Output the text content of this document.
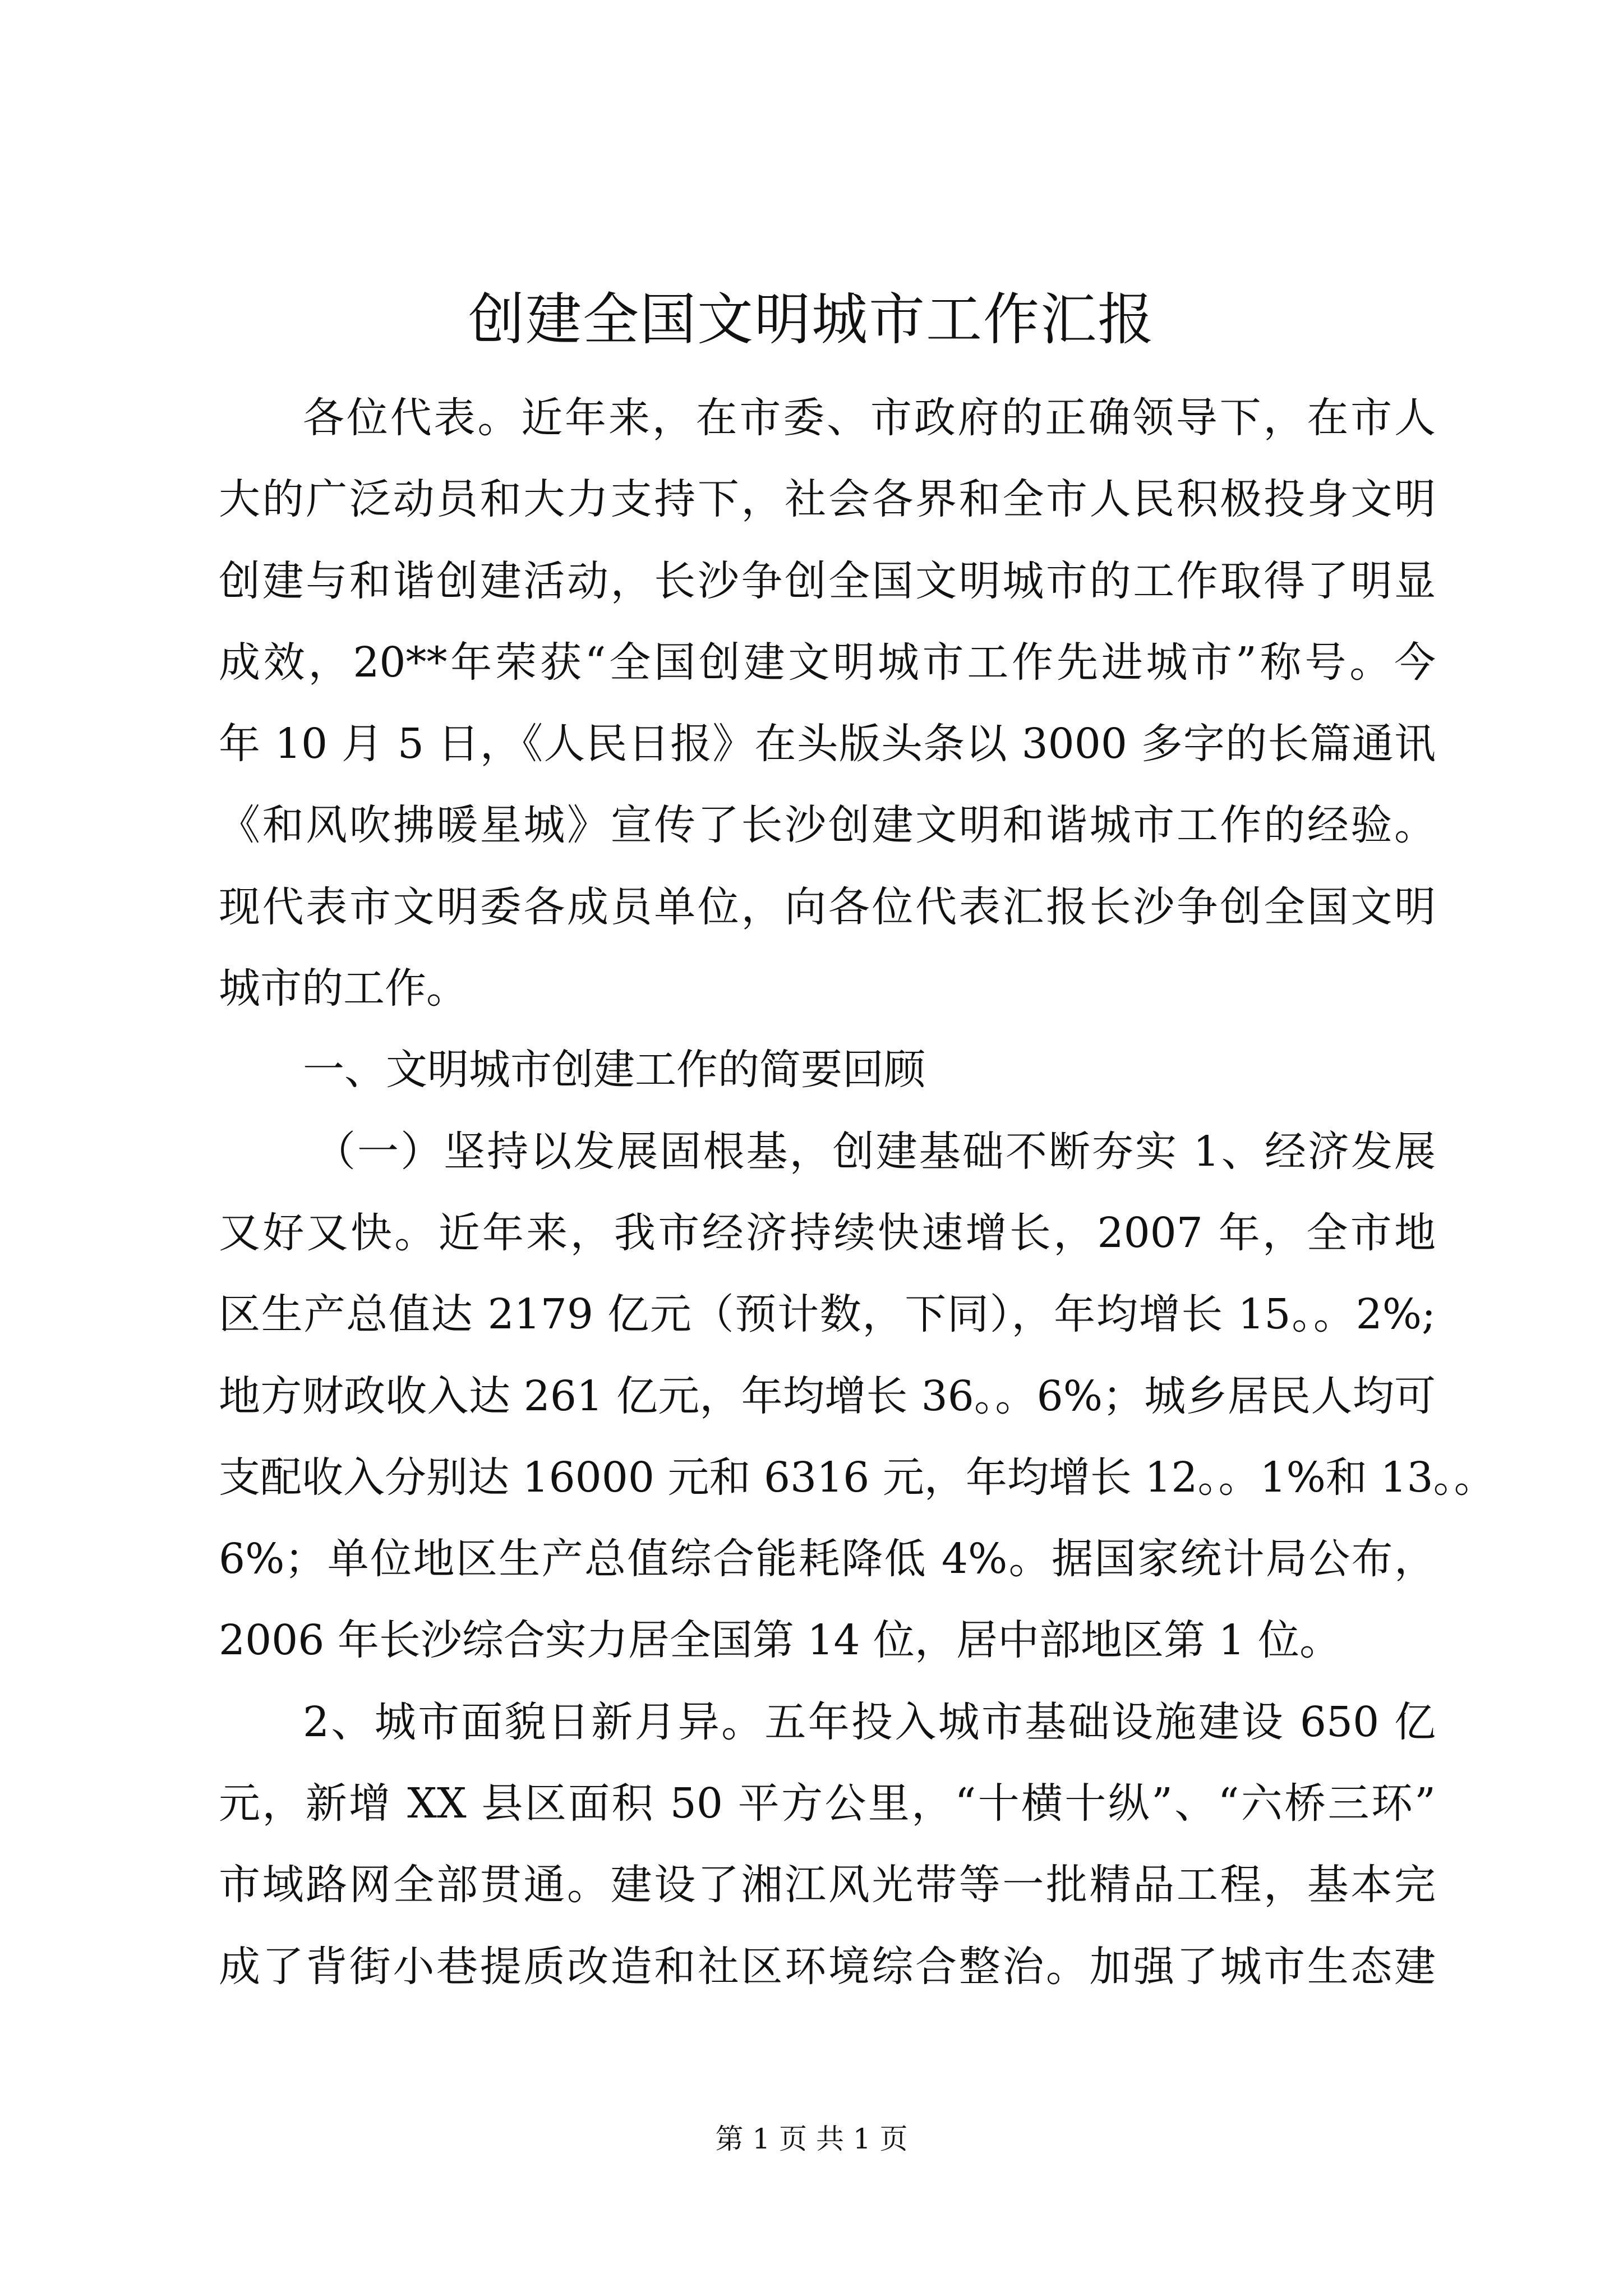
创建全国文明城市工作汇报

各位代表。近年来，在市委、市政府的正确领导下，在市人

大的广泛动员和大力支持下，社会各界和全市人民积极投身文明

创建与和谐创建活动，长沙争创全国文明城市的工作取得了明显

成效，20**年荣获“全国创建文明城市工作先进城市”称号。今

年 10 月 5 日，《人民日报》在头版头条以 3000 多字的长篇通讯

《和风吹拂暖星城》宣传了长沙创建文明和谐城市工作的经验。

现代表市文明委各成员单位，向各位代表汇报长沙争创全国文明

城市的工作。

一、文明城市创建工作的简要回顾

（一）坚持以发展固根基，创建基础不断夯实 1、经济发展

又好又快。近年来，我市经济持续快速增长，2007 年，全市地

区生产总值达 2179 亿元（预计数，下同），年均增长 15。。2%;

地方财政收入达 261 亿元，年均增长 36。。6%；城乡居民人均可

支配收入分别达 16000 元和 6316 元，年均增长 12。。1%和 13。。

6%；单位地区生产总值综合能耗降低 4%。据国家统计局公布，

2006 年长沙综合实力居全国第 14 位，居中部地区第 1 位。

2、城市面貌日新月异。五年投入城市基础设施建设 650 亿

元，新增 XX 县区面积 50 平方公里，“十横十纵”、“六桥三环”

市域路网全部贯通。建设了湘江风光带等一批精品工程，基本完

成了背街小巷提质改造和社区环境综合整治。加强了城市生态建

第 1 页 共 1 页
